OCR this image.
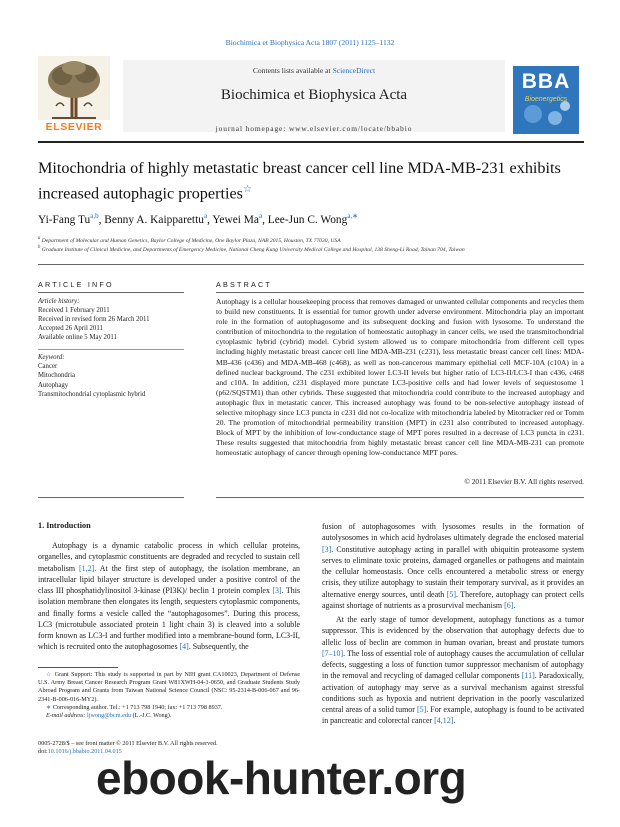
Biochimica et Biophysica Acta 1807 (2011) 1125–1132
ELSEVIER
Contents lists available at ScienceDirect
Biochimica et Biophysica Acta
journal homepage: www.elsevier.com/locate/bbabio
BBA
Bioenergetics
Mitochondria of highly metastatic breast cancer cell line MDA-MB-231 exhibits increased autophagic properties☆
Yi-Fang Tu$^{a,b}$, Benny A. Kaipparettu$^a$, Yewei Ma$^a$, Lee-Jun C. Wong$^{a,∗}$
$^a$ Department of Molecular and Human Genetics, Baylor College of Medicine, One Baylor Plaza, NAB 2015, Houston, TX 77030, USA
$^b$ Graduate Institute of Clinical Medicine, and Departments of Emergency Medicine, National Cheng Kung University Medical College and Hospital, 138 Sheng-Li Road, Tainan 704, Taiwan
ARTICLE INFO
Article history:
Received 1 February 2011
Received in revised form 26 March 2011
Accepted 26 April 2011
Available online 5 May 2011
Keyword:
Cancer
Mitochondria
Autophagy
Transmitochondrial cytoplasmic hybrid
ABSTRACT
Autophagy is a cellular housekeeping process that removes damaged or unwanted cellular components and recycles them to build new constituents. It is essential for tumor growth under adverse environment. Mitochondria play an important role in the formation of autophagosome and its subsequent docking and fusion with lysosome. To understand the contribution of mitochondria to the regulation of homeostatic autophagy in cancer cells, we used the transmitochondrial cytoplasmic hybrid (cybrid) model. Cybrid system allowed us to compare mitochondria from different cell types including highly metastatic breast cancer cell line MDA-MB-231 (c231), less metastatic breast cancer cell lines: MDA-MB-436 (c436) and MDA-MB-468 (c468), as well as non-cancerous mammary epithelial cell MCF-10A (c10A) in a defined nuclear background. The c231 exhibited lower LC3-II levels but higher ratio of LC3-II/LC3-I than c436, c468 and c10A. In addition, c231 displayed more punctate LC3-positive cells and had lower levels of sequestosome 1 (p62/SQSTM1) than other cybrids. These suggested that mitochondria could contribute to the increased autophagy and autophagic flux in metastatic cancer. This increased autophagy was found to be non-selective autophagy instead of selective mitophagy since LC3 puncta in c231 did not co-localize with mitochondria labeled by Mitotracker red or Tomm 20. The promotion of mitochondrial permeability transition (MPT) in c231 also contributed to increased autophagy. Block of MPT by the inhibition of low-conductance stage of MPT pores resulted in a decrease of LC3 puncta in c231. These results suggested that mitochondria from highly metastatic breast cancer cell line MDA-MB-231 can promote homeostatic autophagy of cancer through opening low-conductance MPT pores.
© 2011 Elsevier B.V. All rights reserved.
1. Introduction

Autophagy is a dynamic catabolic process in which cellular proteins, organelles, and cytoplasmic constituents are degraded and recycled to sustain cell metabolism [1,2]. At the first step of autophagy, the isolation membrane, an intracellular lipid bilayer structure is developed under a positive control of the class III phosphatidylinositol 3-kinase (PI3K)/ beclin 1 protein complex [3]. This isolation membrane then elongates its length, sequesters cytoplasmic components, and finally forms a vesicle called the “autophagosomes”. During this process, LC3 (microtubule associated protein 1 light chain 3) is cleaved into a soluble form known as LC3-I and further modified into a membrane-bound form, LC3-II, which is recruited onto the autophagosomes [4]. Subsequently, the

fusion of autophagosomes with lysosomes results in the formation of autolysosomes in which acid hydrolases ultimately degrade the enclosed material [3]. Constitutive autophagy acting in parallel with ubiquitin proteasome system serves to eliminate toxic proteins, damaged organelles or pathogens and maintain the cellular homeostasis. Once cells encountered a metabolic stress or energy crisis, they utilize autophagy to sustain their temporary survival, as it provides an alternative energy sources, until death [5]. Therefore, autophagy can protect cells against shortage of nutrients as a prosurvival mechanism [6].

At the early stage of tumor development, autophagy functions as a tumor suppressor. This is evidenced by the observation that autophagy defects due to allelic loss of beclin are common in human ovarian, breast and prostate tumors [7–10]. The loss of essential role of autophagy causes the accumulation of cellular defects, suggesting a loss of function tumor suppressor mechanism of autophagy in the removal and recycling of damaged cellular components [11]. Paradoxically, activation of autophagy may serve as a survival mechanism against stressful conditions such as hypoxia and nutrient deprivation in the poorly vascularized central areas of a solid tumor [5]. For example, autophagy is found to be activated in pancreatic and colorectal cancer [4,12].

☆ Grant Support: This study is supported in part by NIH grant CA10023, Department of Defense U.S. Army Breast Cancer Research Program Grant W81XWH-04-1-0650, and Graduate Students Study Abroad Program and Grants from Taiwan National Science Council (NSC: 95-2314-B-006-067 and 96-2341-B-006-016-MY2).

∗ Corresponding author. Tel.: +1 713 798 1940; fax: +1 713 798 8937.

E-mail address: ljwong@bcm.edu (L.-J.C. Wong).

0005-2728/$ – see front matter © 2011 Elsevier B.V. All rights reserved.
doi:10.1016/j.bbabio.2011.04.015
ebook-hunter.org
